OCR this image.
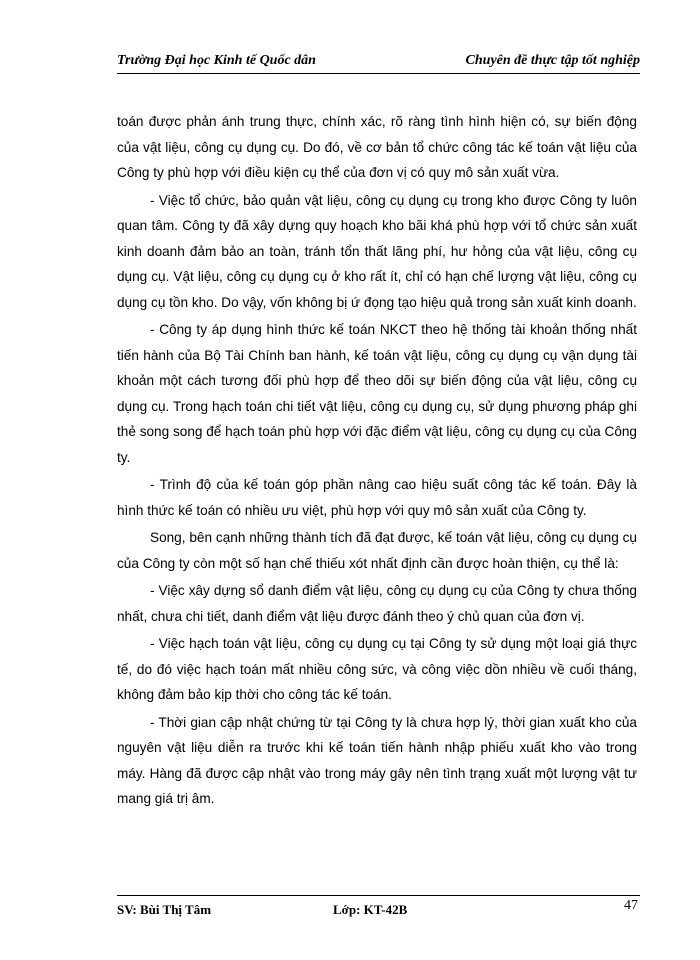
Trường Đại học Kinh tế Quốc dân	Chuyên đề thực tập tốt nghiệp

toán được phản ánh trung thực, chính xác, rõ ràng tình hình hiện có, sự biến động của vật liệu, công cụ dụng cụ. Do đó, về cơ bản tổ chức công tác kế toán vật liệu của Công ty phù hợp với điều kiện cụ thể của đơn vị có quy mô sản xuất vừa.

- Việc tổ chức, bảo quản vật liệu, công cụ dụng cụ trong kho được Công ty luôn quan tâm. Công ty đã xây dựng quy hoạch kho bãi khá phù hợp với tổ chức sản xuất kinh doanh đảm bảo an toàn, tránh tổn thất lãng phí, hư hỏng của vật liệu, công cụ dụng cụ. Vật liệu, công cụ dụng cụ ở kho rất ít, chỉ có hạn chế lượng vật liệu, công cụ dụng cụ tồn kho. Do vậy, vốn không bị ứ đọng tạo hiệu quả trong sản xuất kinh doanh.

- Công ty áp dụng hình thức kế toán NKCT theo hệ thống tài khoản thống nhất tiến hành của Bộ Tài Chính ban hành, kế toán vật liệu, công cụ dụng cụ vận dụng tài khoản một cách tương đối phù hợp để theo dõi sự biến động của vật liệu, công cụ dụng cụ. Trong hạch toán chi tiết vật liệu, công cụ dụng cụ, sử dụng phương pháp ghi thẻ song song để hạch toán phù hợp với đặc điểm vật liệu, công cụ dụng cụ của Công ty.

- Trình độ của kế toán góp phần nâng cao hiệu suất công tác kế toán. Đây là hình thức kế toán có nhiều ưu việt, phù hợp với quy mô sản xuất của Công ty.

Song, bên cạnh những thành tích đã đạt được, kế toán vật liệu, công cụ dụng cụ của Công ty còn một số hạn chế thiếu xót nhất định cần được hoàn thiện, cụ thể là:

- Việc xây dựng sổ danh điểm vật liệu, công cụ dụng cụ của Công ty chưa thống nhất, chưa chi tiết, danh điểm vật liệu được đánh theo ý chủ quan của đơn vị.

- Việc hạch toán vật liệu, công cụ dụng cụ tại Công ty sử dụng một loại giá thực tế, do đó việc hạch toán mất nhiều công sức, và công việc dồn nhiều về cuối tháng, không đảm bảo kịp thời cho công tác kế toán.

- Thời gian cập nhật chứng từ tại Công ty là chưa hợp lý, thời gian xuất kho của nguyên vật liệu diễn ra trước khi kế toán tiến hành nhập phiếu xuất kho vào trong máy. Hàng đã được cập nhật vào trong máy gây nên tình trạng xuất một lượng vật tư mang giá trị âm.

SV: Bùi Thị Tâm	Lớp: KT-42B	47
